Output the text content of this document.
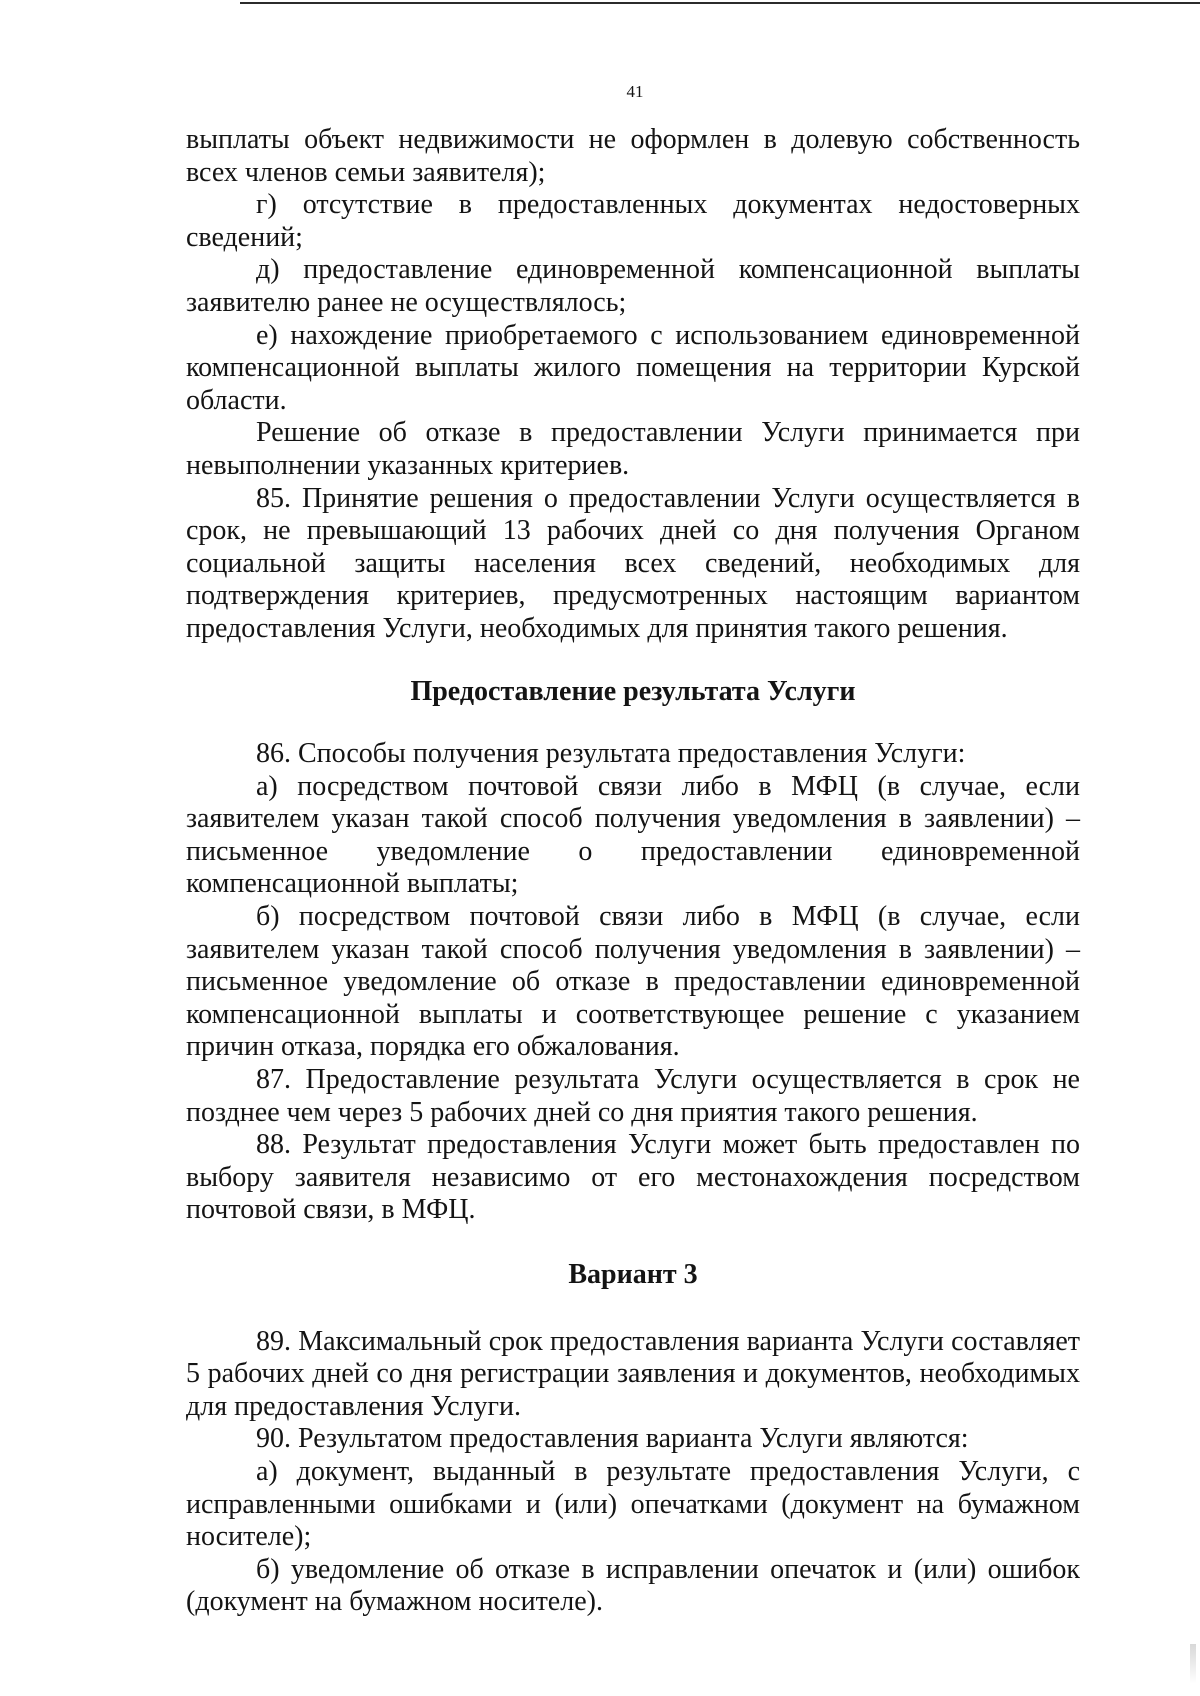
41

выплаты объект недвижимости не оформлен в долевую собственность всех членов семьи заявителя);

г) отсутствие в предоставленных документах недостоверных сведений;

д) предоставление единовременной компенсационной выплаты заявителю ранее не осуществлялось;

е) нахождение приобретаемого с использованием единовременной компенсационной выплаты жилого помещения на территории Курской области.

Решение об отказе в предоставлении Услуги принимается при невыполнении указанных критериев.

85. Принятие решения о предоставлении Услуги осуществляется в срок, не превышающий 13 рабочих дней со дня получения Органом социальной защиты населения всех сведений, необходимых для подтверждения критериев, предусмотренных настоящим вариантом предоставления Услуги, необходимых для принятия такого решения.

Предоставление результата Услуги

86. Способы получения результата предоставления Услуги:

а) посредством почтовой связи либо в МФЦ (в случае, если заявителем указан такой способ получения уведомления в заявлении) – письменное уведомление о предоставлении единовременной компенсационной выплаты;

б) посредством почтовой связи либо в МФЦ (в случае, если заявителем указан такой способ получения уведомления в заявлении) – письменное уведомление об отказе в предоставлении единовременной компенсационной выплаты и соответствующее решение с указанием причин отказа, порядка его обжалования.

87. Предоставление результата Услуги осуществляется в срок не позднее чем через 5 рабочих дней со дня приятия такого решения.

88. Результат предоставления Услуги может быть предоставлен по выбору заявителя независимо от его местонахождения посредством почтовой связи, в МФЦ.

Вариант 3

89. Максимальный срок предоставления варианта Услуги составляет 5 рабочих дней со дня регистрации заявления и документов, необходимых для предоставления Услуги.

90. Результатом предоставления варианта Услуги являются:

а) документ, выданный в результате предоставления Услуги, с исправленными ошибками и (или) опечатками (документ на бумажном носителе);

б) уведомление об отказе в исправлении опечаток и (или) ошибок (документ на бумажном носителе).
